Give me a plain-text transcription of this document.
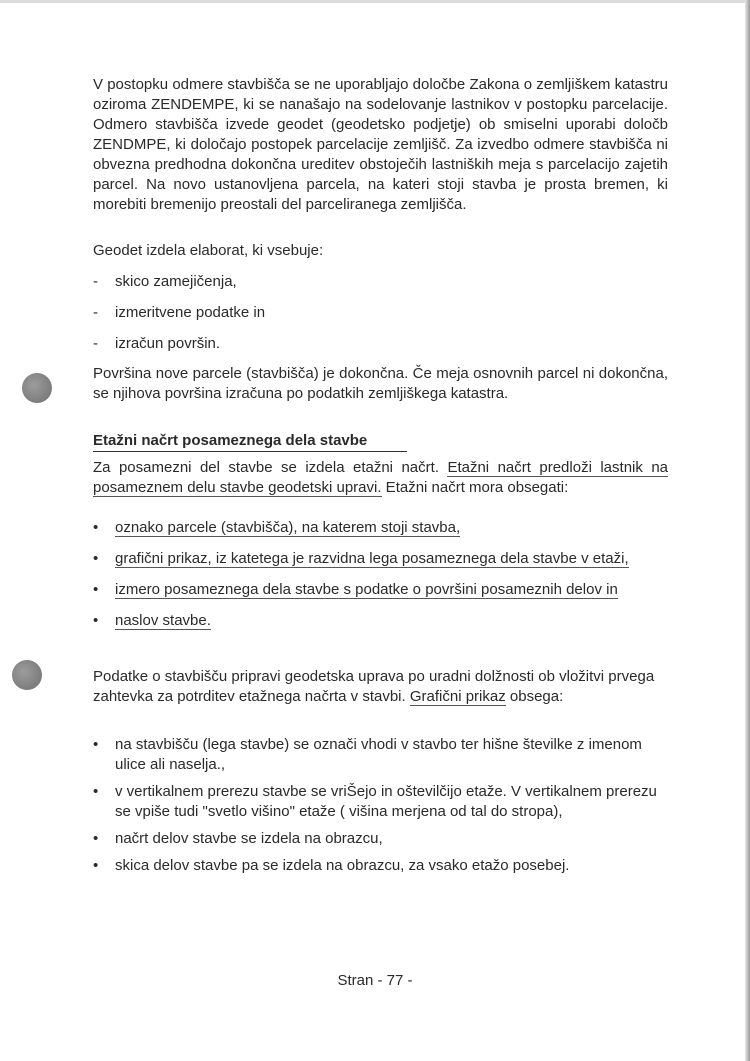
V postopku odmere stavbišča se ne uporabljajo določbe Zakona o zemljiškem katastru oziroma ZENDEMPE, ki se nanašajo na sodelovanje lastnikov v postopku parcelacije. Odmero stavbišča izvede geodet (geodetsko podjetje) ob smiselni uporabi določb ZENDMPE, ki določajo postopek parcelacije zemljišč. Za izvedbo odmere stavbišča ni obvezna predhodna dokončna ureditev obstoječih lastniških meja s parcelacijo zajetih parcel. Na novo ustanovljena parcela, na kateri stoji stavba je prosta bremen, ki morebiti bremenijo preostali del parceliranega zemljišča.

Geodet izdela elaborat, ki vsebuje:

- skico zamejičenja,
- izmeritvene podatke in
- izračun površin.

Površina nove parcele (stavbišča) je dokončna. Če meja osnovnih parcel ni dokončna, se njihova površina izračuna po podatkih zemljiškega katastra.

Etažni načrt posameznega dela stavbe

Za posamezni del stavbe se izdela etažni načrt. Etažni načrt predloži lastnik na posameznem delu stavbe geodetski upravi. Etažni načrt mora obsegati:

• oznako parcele (stavbišča), na katerem stoji stavba,
• grafični prikaz, iz katetega je razvidna lega posameznega dela stavbe v etaži,
• izmero posameznega dela stavbe s podatke o površini posameznih delov in
• naslov stavbe.

Podatke o stavbišču pripravi geodetska uprava po uradni dolžnosti ob vložitvi prvega zahtevka za potrditev etažnega načrta v stavbi. Grafični prikaz obsega:

• na stavbišču (lega stavbe) se označi vhodi v stavbo ter hišne številke z imenom ulice ali naselja.,
• v vertikalnem prerezu stavbe se vriŠejo in oštevilčijo etaže. V vertikalnem prerezu se vpiše tudi "svetlo višino" etaže ( višina merjena od tal do stropa),
• načrt delov stavbe se izdela na obrazcu,
• skica delov stavbe pa se izdela na obrazcu, za vsako etažo posebej.
Stran - 77 -
